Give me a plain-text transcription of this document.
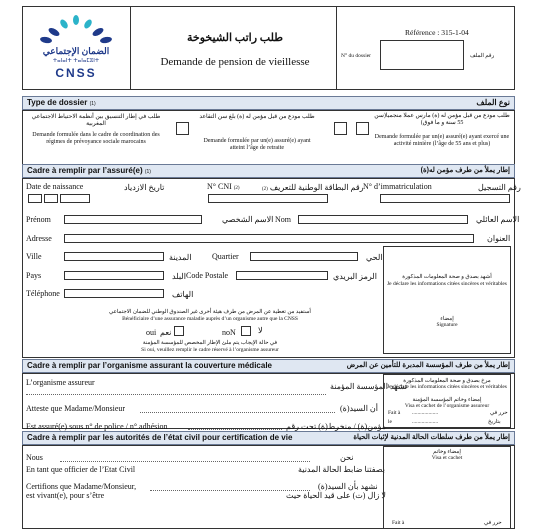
الضمان الإجتماعي
ⵜⴰⵏⴰⵏⵜ ⵜⴰⵏⴰⵎⵓⵏⵜ
CNSS
طلب راتب الشيخوخة
Demande de pension de vieillesse
Référence : 315-1-04
N° du dossier	رقم الملف
Type de dossier (1)	نوع الملف
طلب في إطار التنسيق بين أنظمة الاحتياط الاجتماعي المغربية
Demande formulée dans le cadre de coordination des régimes de prévoyance sociale marocains
طلب مودع من قبل مؤمن له (ة) بلغ سن التقاعد
Demande formulée par un(e) assuré(e) ayant atteint l’âge de retraite
طلب مودع من قبل مؤمن له (ة) مارس عملا منجميا(سن 55 سنة و ما فوق)
Demande formulée par un(e) assuré(e) ayant exercé une activité minière (l’âge de 55 ans et plus)
Cadre à remplir par l’assuré(e) (1)	إطار يملأ من طرف مؤمن له(ة)
Date de naissance	تاريخ الازدياد	N° CNI (2)	رقم البطاقة الوطنية للتعريف (2)	N° d’immatriculation	رقم التسجيل
Prénom	الاسم الشخصي Nom	الاسم العائلي
Adresse	العنوان
Ville	المدينة	Quartier	الحي
Pays	البلد Code Postale	الرمز البريدي
Téléphone	الهاتف
أشهد بصدق و صحة المعلومات المذكورة
Je déclare les informations citées sincères et véritables
إمضاء
Signature
أستفيد من تغطية عن المرض من طرف هيئة أخرى غير الصندوق الوطني للضمان الاجتماعي
Bénéficiaire d’une assurance maladie auprès d’un organisme autre que la CNSS
oui نعم	noN	لا
في حالة الإيجاب يتم ملئ الإطار المخصص للمؤسسة المؤمنة
Si oui, veuillez remplir le cadre réservé à l’organisme assureur
Cadre à remplir par l’organisme assurant la couverture médicale	إطار يملأ من طرف المؤسسة المدبرة للتأمين عن المرض
L’organisme assureur	تشهد المؤسسة المؤمنة
Atteste que Madame/Monsieur	أن السيد(ة)
Est assuré(e) sous n° de police / n° adhésion	مؤمن(ة) / منخرط(ة) تحت رقم
مرخ بصدق و صحة المعلومات المذكورة
Je déclare les informations citées sincères et véritables
إمضاء وخاتم المؤسسة المؤمنة
Visa et cachet de l’organisme assureur
Fait à ...................	حرر في
le	...................	بتاريخ
Cadre à remplir par les autorités de l’état civil pour certification de vie	إطار يملأ من طرف سلطات الحالة المدنية لإثبات الحياة
Nous	نحن
En tant que officier de l’Etat Civil	بصفتنا ضابط الحالة المدنية
Certifions que Madame/Monsieur,	نشهد بأن السيد(ة)
est vivant(e), pour s’être	لا زال (ت) على قيد الحياة حيث
إمضاء وخاتم
Visa et cachet
Fait à	حرر في
